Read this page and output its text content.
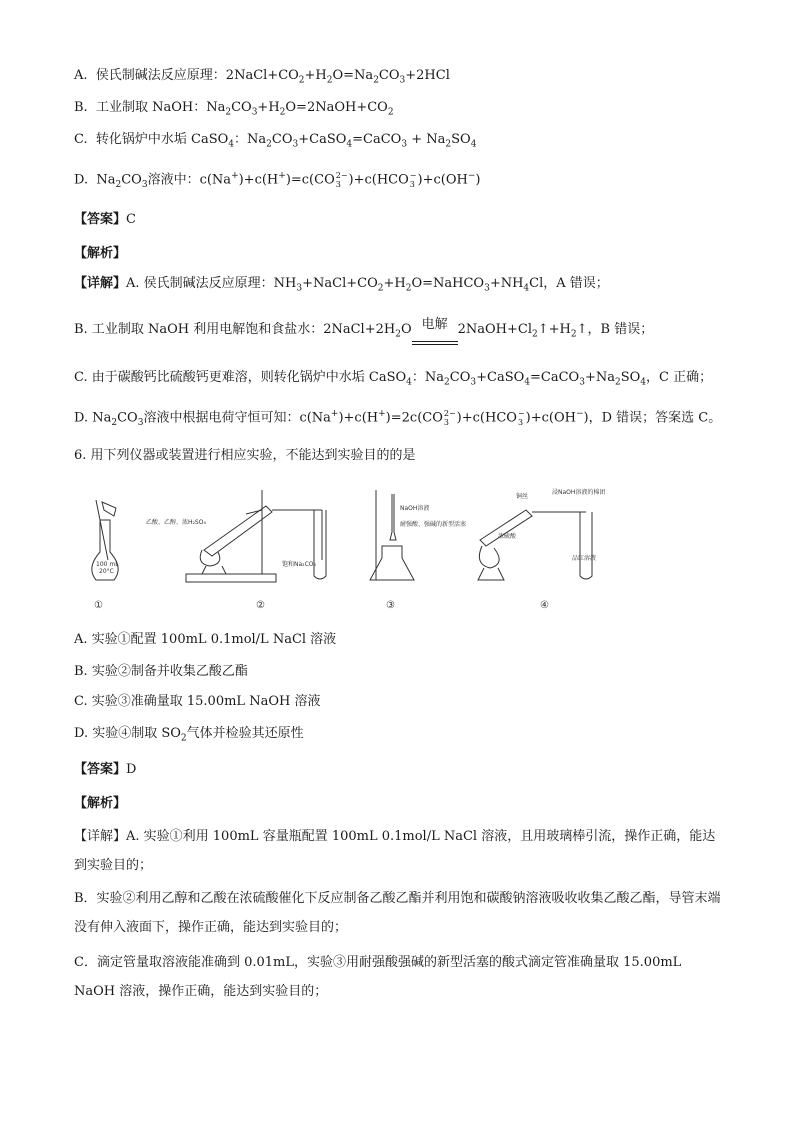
A. 侯氏制碱法反应原理：$2NaCl+CO_2+H_2O=Na_2CO_3+2HCl$
B. 工业制取 NaOH：$Na_2CO_3+H_2O=2NaOH+CO_2$
C. 转化锅炉中水垢 CaSO$_4$：$Na_2CO_3+CaSO_4=CaCO_3 + Na_2SO_4$
D. $Na_2CO_3$溶液中：c(Na+)+c(H+)=c(CO 2−
3 )+c(HCO −
3 )+c(OH−)
【答案】C
【解析】
【详解】A. 侯氏制碱法反应原理：$NH_3+NaCl+CO_2+H_2O=NaHCO_3+NH_4Cl$，A 错误；
B. 工业制取 NaOH 利用电解饱和食盐水：$2NaCl+2H_2O$ 电解 $2NaOH+Cl_2↑+H_2↑$，B 错误；
C. 由于碳酸钙比硫酸钙更难溶，则转化锅炉中水垢 CaSO$_4$：$Na_2CO_3+CaSO_4=CaCO_3+Na_2SO_4$，C 正确；
D. $Na_2CO_3$溶液中根据电荷守恒可知：c(Na+)+c(H+)=2c(CO 2−
3 )+c(HCO −
3 )+c(OH−)，D 错误；答案选 C。
6. 用下列仪器或装置进行相应实验，不能达到实验目的的是
100 mL
20°C
①
乙酸、乙醇、浓H₂SO₄
饱和Na₂CO₃
②
NaOH溶液
耐强酸、强碱的新型活塞
③
铜丝
浸NaOH溶液的棉团
浓硫酸
品红溶液
④
A. 实验①配置 100mL 0.1mol/L NaCl 溶液
B. 实验②制备并收集乙酸乙酯
C. 实验③准确量取 15.00mL NaOH 溶液
D. 实验④制取 $SO_2$气体并检验其还原性
【答案】D
【解析】
【详解】A. 实验①利用 100mL 容量瓶配置 100mL 0.1mol/L NaCl 溶液，且用玻璃棒引流，操作正确，能达到实验目的；
B．实验②利用乙醇和乙酸在浓硫酸催化下反应制备乙酸乙酯并利用饱和碳酸钠溶液吸收收集乙酸乙酯，导管末端没有伸入液面下，操作正确，能达到实验目的；
C．滴定管量取溶液能准确到 0.01mL，实验③用耐强酸强碱的新型活塞的酸式滴定管准确量取 15.00mL NaOH 溶液，操作正确，能达到实验目的；
